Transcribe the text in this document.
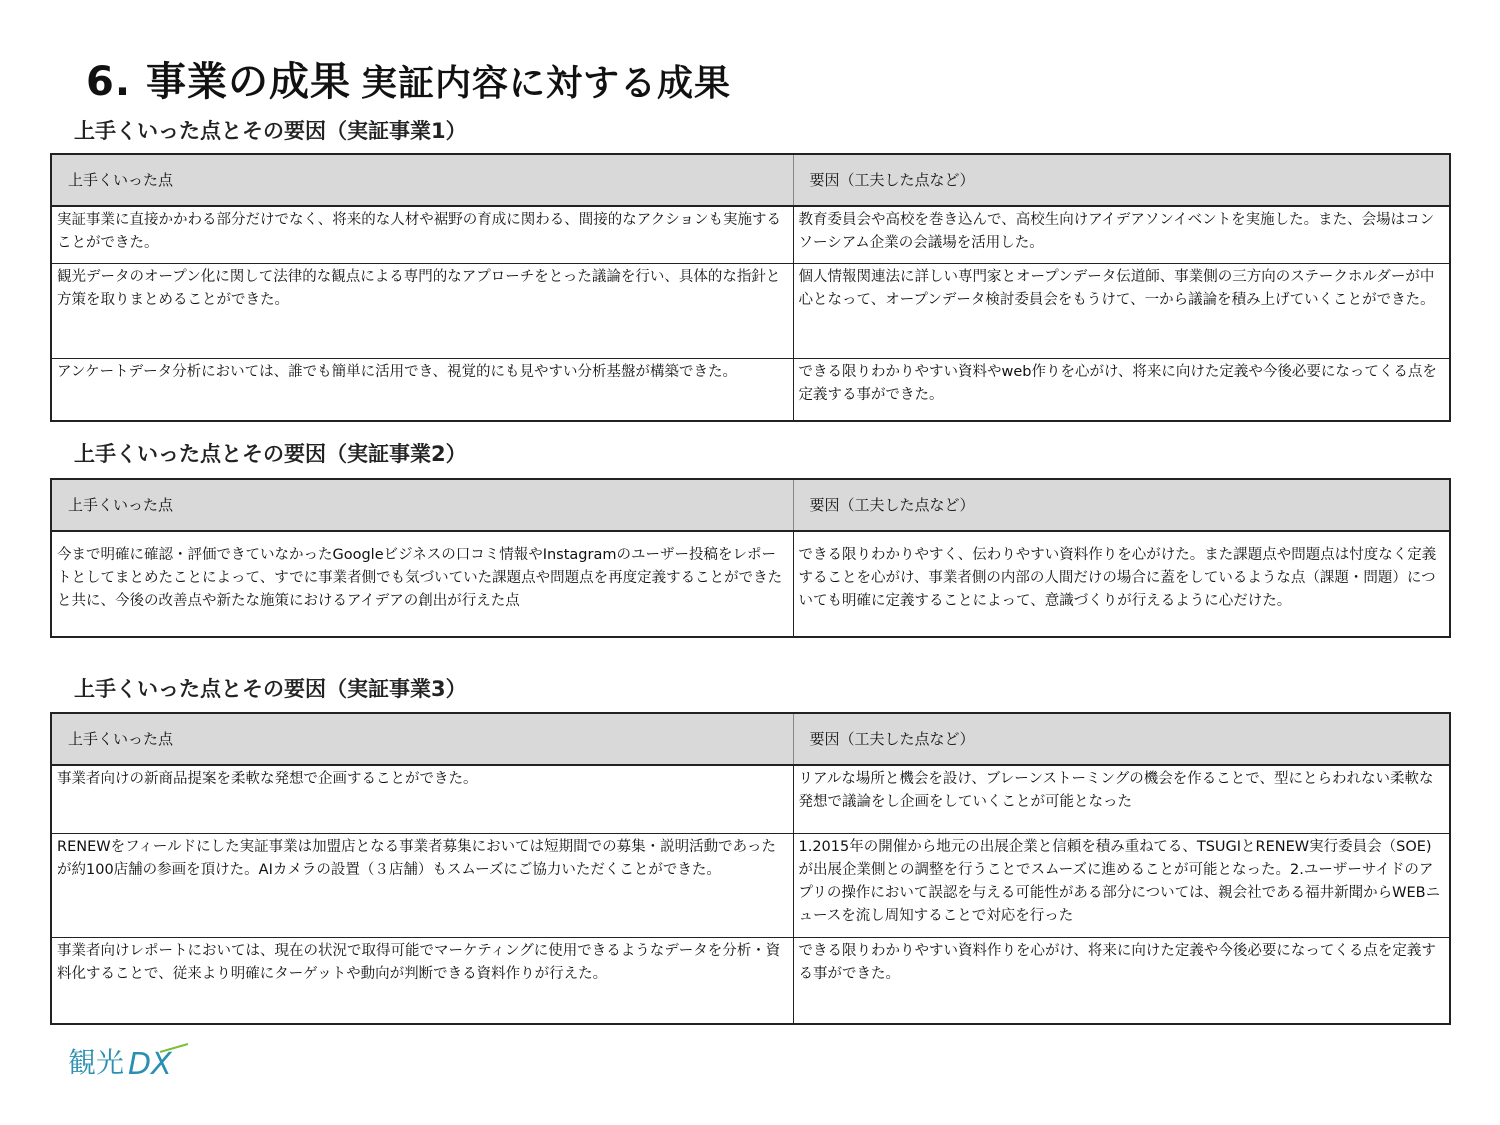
6. 事業の成果 実証内容に対する成果
上手くいった点とその要因（実証事業1）
上手くいった点	要因（工夫した点など）
実証事業に直接かかわる部分だけでなく、将来的な人材や裾野の育成に関わる、間接的なアクションも実施することができた。	教育委員会や高校を巻き込んで、高校生向けアイデアソンイベントを実施した。また、会場はコンソーシアム企業の会議場を活用した。
観光データのオープン化に関して法律的な観点による専門的なアプローチをとった議論を行い、具体的な指針と方策を取りまとめることができた。	個人情報関連法に詳しい専門家とオープンデータ伝道師、事業側の三方向のステークホルダーが中心となって、オープンデータ検討委員会をもうけて、一から議論を積み上げていくことができた。
アンケートデータ分析においては、誰でも簡単に活用でき、視覚的にも見やすい分析基盤が構築できた。	できる限りわかりやすい資料やweb作りを心がけ、将来に向けた定義や今後必要になってくる点を定義する事ができた。
上手くいった点とその要因（実証事業2）
上手くいった点	要因（工夫した点など）
今まで明確に確認・評価できていなかったGoogleビジネスの口コミ情報やInstagramのユーザー投稿をレポートとしてまとめたことによって、すでに事業者側でも気づいていた課題点や問題点を再度定義することができたと共に、今後の改善点や新たな施策におけるアイデアの創出が行えた点	できる限りわかりやすく、伝わりやすい資料作りを心がけた。また課題点や問題点は忖度なく定義することを心がけ、事業者側の内部の人間だけの場合に蓋をしているような点（課題・問題）についても明確に定義することによって、意識づくりが行えるように心だけた。
上手くいった点とその要因（実証事業3）
上手くいった点	要因（工夫した点など）
事業者向けの新商品提案を柔軟な発想で企画することができた。	リアルな場所と機会を設け、ブレーンストーミングの機会を作ることで、型にとらわれない柔軟な発想で議論をし企画をしていくことが可能となった
RENEWをフィールドにした実証事業は加盟店となる事業者募集においては短期間での募集・説明活動であったが約100店舗の参画を頂けた。AIカメラの設置（３店舗）もスムーズにご協力いただくことができた。	1.2015年の開催から地元の出展企業と信頼を積み重ねてる、TSUGIとRENEW実行委員会（SOE)が出展企業側との調整を行うことでスムーズに進めることが可能となった。2.ユーザーサイドのアプリの操作において誤認を与える可能性がある部分については、親会社である福井新聞からWEBニュースを流し周知することで対応を行った
事業者向けレポートにおいては、現在の状況で取得可能でマーケティングに使用できるようなデータを分析・資料化することで、従来より明確にターゲットや動向が判断できる資料作りが行えた。	できる限りわかりやすい資料作りを心がけ、将来に向けた定義や今後必要になってくる点を定義する事ができた。
観光 DX
